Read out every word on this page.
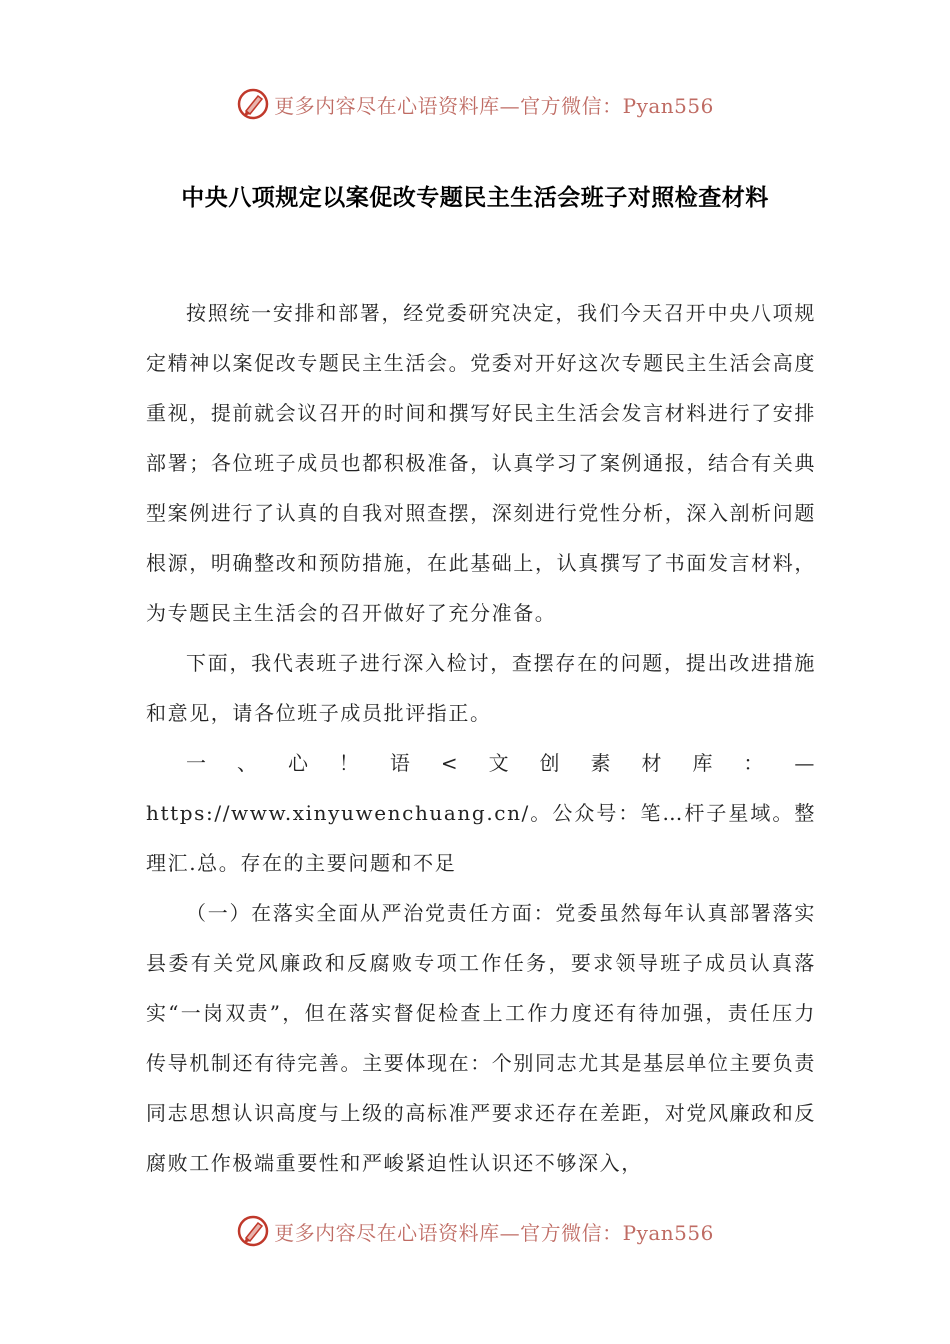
更多内容尽在心语资料库—官方微信：Pyan556
中央八项规定以案促改专题民主生活会班子对照检查材料

按照统一安排和部署，经党委研究决定，我们今天召开中央八项规定精神以案促改专题民主生活会。党委对开好这次专题民主生活会高度重视，提前就会议召开的时间和撰写好民主生活会发言材料进行了安排部署；各位班子成员也都积极准备，认真学习了案例通报，结合有关典型案例进行了认真的自我对照查摆，深刻进行党性分析，深入剖析问题根源，明确整改和预防措施，在此基础上，认真撰写了书面发言材料，为专题民主生活会的召开做好了充分准备。

下面，我代表班子进行深入检讨，查摆存在的问题，提出改进措施和意见，请各位班子成员批评指正。

一、心！语<文创素材库：—https://www.xinyuwenchuang.cn/。公众号：笔…杆子星域。整理汇.总。存在的主要问题和不足

（一）在落实全面从严治党责任方面：党委虽然每年认真部署落实县委有关党风廉政和反腐败专项工作任务，要求领导班子成员认真落实“一岗双责”，但在落实督促检查上工作力度还有待加强，责任压力传导机制还有待完善。主要体现在：个别同志尤其是基层单位主要负责同志思想认识高度与上级的高标准严要求还存在差距，对党风廉政和反腐败工作极端重要性和严峻紧迫性认识还不够深入，

更多内容尽在心语资料库—官方微信：Pyan556
